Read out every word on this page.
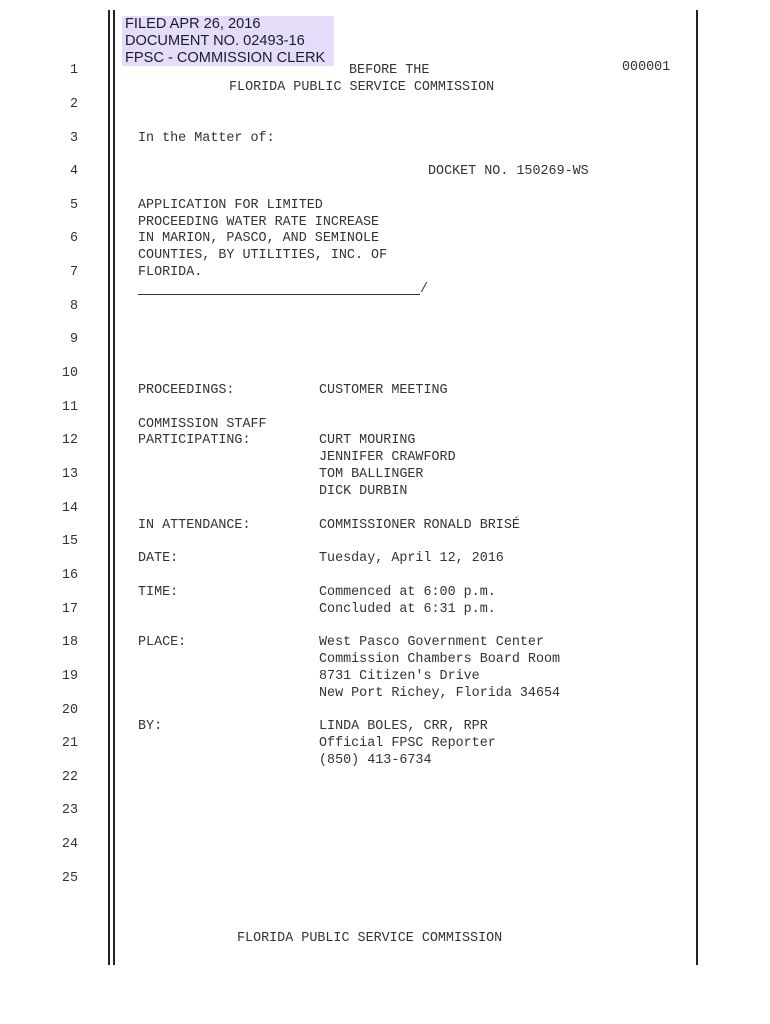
FILED APR 26, 2016
DOCUMENT NO. 02493-16
FPSC - COMMISSION CLERK
000001
BEFORE THE
FLORIDA PUBLIC SERVICE COMMISSION
1
2
3
4
5
6
7
8
9
10
11
12
13
14
15
16
17
18
19
20
21
22
23
24
25
In the Matter of:
DOCKET NO. 150269-WS
APPLICATION FOR LIMITED
PROCEEDING WATER RATE INCREASE
IN MARION, PASCO, AND SEMINOLE
COUNTIES, BY UTILITIES, INC. OF
FLORIDA.
/
PROCEEDINGS:	CUSTOMER MEETING
COMMISSION STAFF
PARTICIPATING:	CURT MOURING
JENNIFER CRAWFORD
TOM BALLINGER
DICK DURBIN
IN ATTENDANCE:	COMMISSIONER RONALD BRISÉ
DATE:	Tuesday, April 12, 2016
TIME:	Commenced at 6:00 p.m.
Concluded at 6:31 p.m.
PLACE:	West Pasco Government Center
Commission Chambers Board Room
8731 Citizen's Drive
New Port Richey, Florida 34654
BY:	LINDA BOLES, CRR, RPR
Official FPSC Reporter
(850) 413-6734
FLORIDA PUBLIC SERVICE COMMISSION
